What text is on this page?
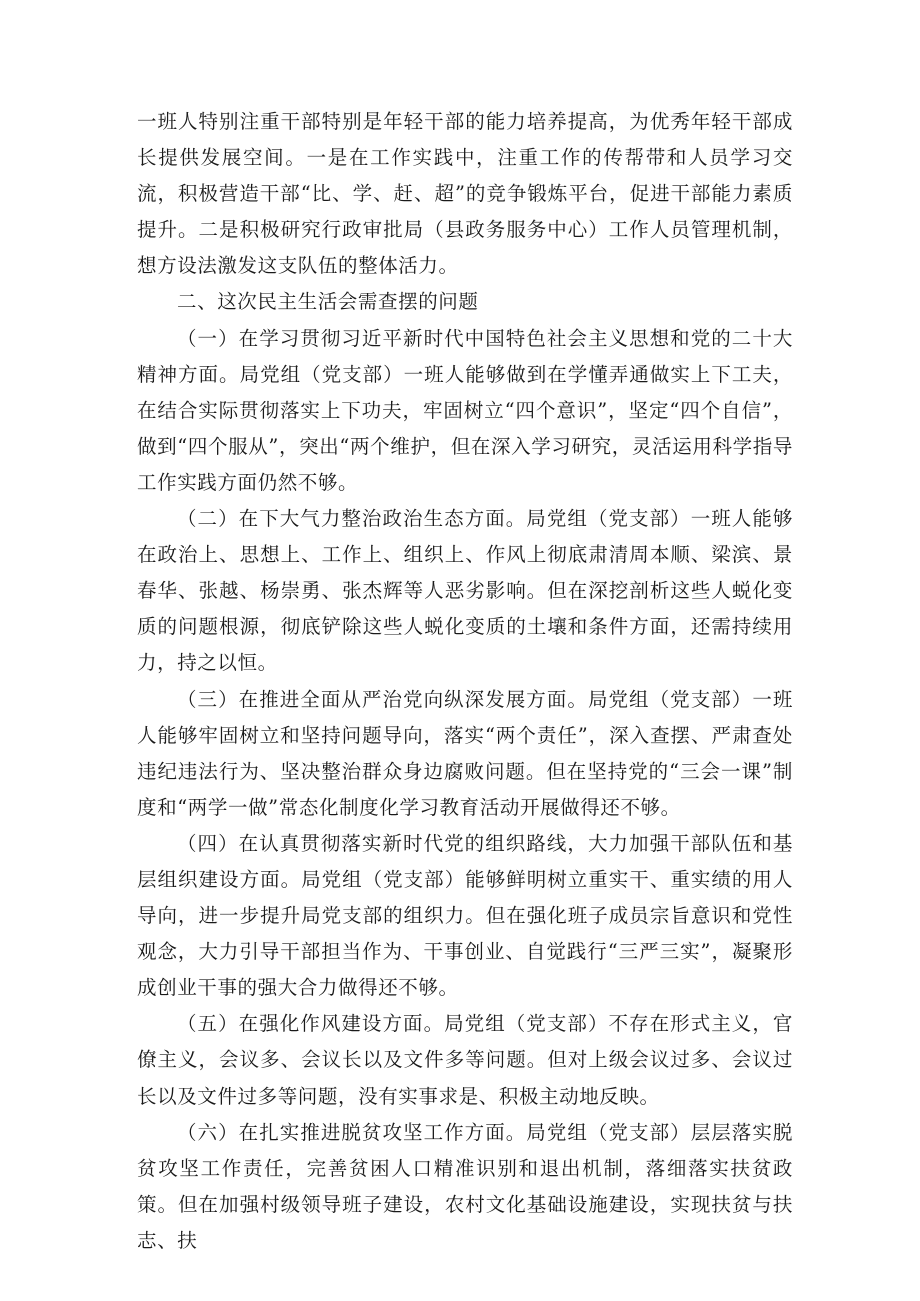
一班人特别注重干部特别是年轻干部的能力培养提高，为优秀年轻干部成长提供发展空间。一是在工作实践中，注重工作的传帮带和人员学习交流，积极营造干部“比、学、赶、超”的竞争锻炼平台，促进干部能力素质提升。二是积极研究行政审批局（县政务服务中心）工作人员管理机制，想方设法激发这支队伍的整体活力。

二、这次民主生活会需查摆的问题

（一）在学习贯彻习近平新时代中国特色社会主义思想和党的二十大精神方面。局党组（党支部）一班人能够做到在学懂弄通做实上下工夫，在结合实际贯彻落实上下功夫，牢固树立“四个意识”，坚定“四个自信”，做到“四个服从”，突出“两个维护，但在深入学习研究，灵活运用科学指导工作实践方面仍然不够。

（二）在下大气力整治政治生态方面。局党组（党支部）一班人能够在政治上、思想上、工作上、组织上、作风上彻底肃清周本顺、梁滨、景春华、张越、杨崇勇、张杰辉等人恶劣影响。但在深挖剖析这些人蜕化变质的问题根源，彻底铲除这些人蜕化变质的土壤和条件方面，还需持续用力，持之以恒。

（三）在推进全面从严治党向纵深发展方面。局党组（党支部）一班人能够牢固树立和坚持问题导向，落实“两个责任”，深入查摆、严肃查处违纪违法行为、坚决整治群众身边腐败问题。但在坚持党的“三会一课”制度和“两学一做”常态化制度化学习教育活动开展做得还不够。

（四）在认真贯彻落实新时代党的组织路线，大力加强干部队伍和基层组织建设方面。局党组（党支部）能够鲜明树立重实干、重实绩的用人导向，进一步提升局党支部的组织力。但在强化班子成员宗旨意识和党性观念，大力引导干部担当作为、干事创业、自觉践行“三严三实”，凝聚形成创业干事的强大合力做得还不够。

（五）在强化作风建设方面。局党组（党支部）不存在形式主义，官僚主义，会议多、会议长以及文件多等问题。但对上级会议过多、会议过长以及文件过多等问题，没有实事求是、积极主动地反映。

（六）在扎实推进脱贫攻坚工作方面。局党组（党支部）层层落实脱贫攻坚工作责任，完善贫困人口精准识别和退出机制，落细落实扶贫政策。但在加强村级领导班子建设，农村文化基础设施建设，实现扶贫与扶志、扶
